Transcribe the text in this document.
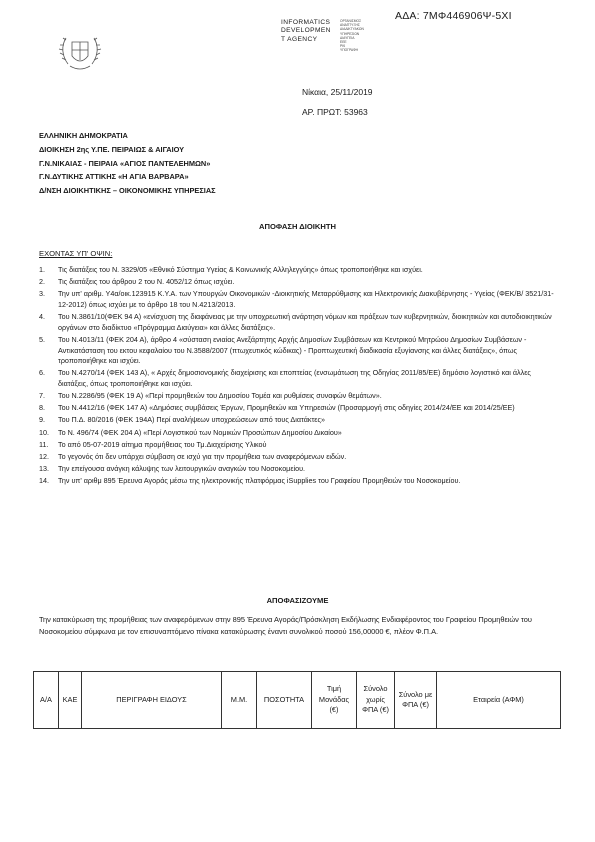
ΑΔΑ: 7ΜΦ446906Ψ-5ΧΙ
INFORMATICS
DEVELOPMEN
T AGENCY
ΟΡΓΑΝΙΣΜΟΣ
ΑΝΑΠΤΥΞΗΣ
ΔΙΑΔΙΚΤΥΑΚΩΝ
ΥΠΗΡΕΣΙΩΝ
ΔΙΑΥΓΕΙΑ
EEE
PKI
ΥΠΟΓΡΑΦΗ
Νίκαια, 25/11/2019
ΑΡ. ΠΡΩΤ: 53963
ΕΛΛΗΝΙΚΗ ΔΗΜΟΚΡΑΤΙΑ
ΔΙΟΙΚΗΣΗ 2ης Υ.ΠΕ. ΠΕΙΡΑΙΩΣ & ΑΙΓΑΙΟΥ
Γ.Ν.ΝΙΚΑΙΑΣ - ΠΕΙΡΑΙΑ «ΑΓΙΟΣ ΠΑΝΤΕΛΕΗΜΩΝ»
Γ.Ν.ΔΥΤΙΚΗΣ ΑΤΤΙΚΗΣ «Η ΑΓΙΑ ΒΑΡΒΑΡΑ»
Δ/ΝΣΗ ΔΙΟΙΚΗΤΙΚΗΣ – ΟΙΚΟΝΟΜΙΚΗΣ ΥΠΗΡΕΣΙΑΣ
ΑΠΟΦΑΣΗ ΔΙΟΙΚΗΤΗ
ΕΧΟΝΤΑΣ ΥΠ' ΟΨΙΝ:
1. Τις διατάξεις του Ν. 3329/05 «Εθνικό Σύστημα Υγείας & Κοινωνικής Αλληλεγγύης» όπως τροποποιήθηκε και ισχύει.
2. Τις διατάξεις του άρθρου 2 του Ν. 4052/12 όπως ισχύει.
3. Την υπ' αριθμ. Υ4α/οικ.123915 Κ.Υ.Α. των Υπουργών Οικονομικών -Διοικητικής Μεταρρύθμισης και Ηλεκτρονικής Διακυβέρνησης - Υγείας (ΦΕΚ/Β/ 3521/31-12-2012) όπως ισχύει με το άρθρο 18 του Ν.4213/2013.
4. Του Ν.3861/10(ΦΕΚ 94 Α) «ενίσχυση της διαφάνειας με την υποχρεωτική ανάρτηση νόμων και πράξεων των κυβερνητικών, διοικητικών και αυτοδιοικητικών οργάνων στο διαδίκτυο «Πρόγραμμα Διαύγεια» και άλλες διατάξεις».
5. Του Ν.4013/11 (ΦΕΚ 204 Α), άρθρο 4 «σύσταση ενιαίας Ανεξάρτητης Αρχής Δημοσίων Συμβάσεων και Κεντρικού Μητρώου Δημοσίων Συμβάσεων - Αντικατάσταση του εκτου κεφαλαίου του Ν.3588/2007 (πτωχευτικός κώδικας) - Προπτωχευτική διαδικασία εξυγίανσης και άλλες διατάξεις», όπως τροποποιήθηκε και ισχύει.
6. Του Ν.4270/14 (ΦΕΚ 143 Α), « Αρχές δημοσιονομικής διαχείρισης και εποπτείας (ενσωμάτωση της Οδηγίας 2011/85/ΕΕ) δημόσιο λογιστικό και άλλες διατάξεις, όπως τροποποιήθηκε και ισχύει.
7. Του Ν.2286/95 (ΦΕΚ 19 Α) «Περί προμηθειών του Δημοσίου Τομέα και ρυθμίσεις συναφών θεμάτων».
8. Του Ν.4412/16 (ΦΕΚ 147 Α) «Δημόσιες συμβάσεις Έργων, Προμηθειών και Υπηρεσιών (Προσαρμογή στις οδηγίες 2014/24/ΕΕ και 2014/25/ΕΕ)
9. Του Π.Δ. 80/2016 (ΦΕΚ 194Α) Περί αναλήψεων υποχρεώσεων από τους Διατάκτες»
10. Το Ν. 496/74 (ΦΕΚ 204 Α) «Περί Λογιστικού των Νομικών Προσώπων Δημοσίου Δικαίου»
11. Το από 05-07-2019 αίτημα προμήθειας του Τμ.Διαχείρισης Υλικού
12. Το γεγονός ότι δεν υπάρχει σύμβαση σε ισχύ για την προμήθεια των αναφερόμενων ειδών.
13. Την επείγουσα ανάγκη κάλυψης των λειτουργικών αναγκών του Νοσοκομείου.
14. Την υπ' αριθμ 895 Έρευνα Αγοράς μέσω της ηλεκτρονικής πλατφόρμας iSupplies του Γραφείου Προμηθειών του Νοσοκομείου.
ΑΠΟΦΑΣΙΖΟΥΜΕ
Την κατακύρωση της προμήθειας των αναφερόμενων στην 895 Έρευνα Αγοράς/Πρόσκληση Εκδήλωσης Ενδιαφέροντος του Γραφείου Προμηθειών του Νοσοκομείου σύμφωνα με τον επισυναπτόμενο πίνακα κατακύρωσης έναντι συνολικού ποσού 156,00000 €, πλέον Φ.Π.Α.
Α/Α	ΚΑΕ	ΠΕΡΙΓΡΑΦΗ ΕΙΔΟΥΣ	Μ.Μ.	ΠΟΣΟΤΗΤΑ	Τιμή Μονάδας (€)	Σύνολο χωρίς ΦΠΑ (€)	Σύνολο με ΦΠΑ (€)	Εταιρεία (ΑΦΜ)
